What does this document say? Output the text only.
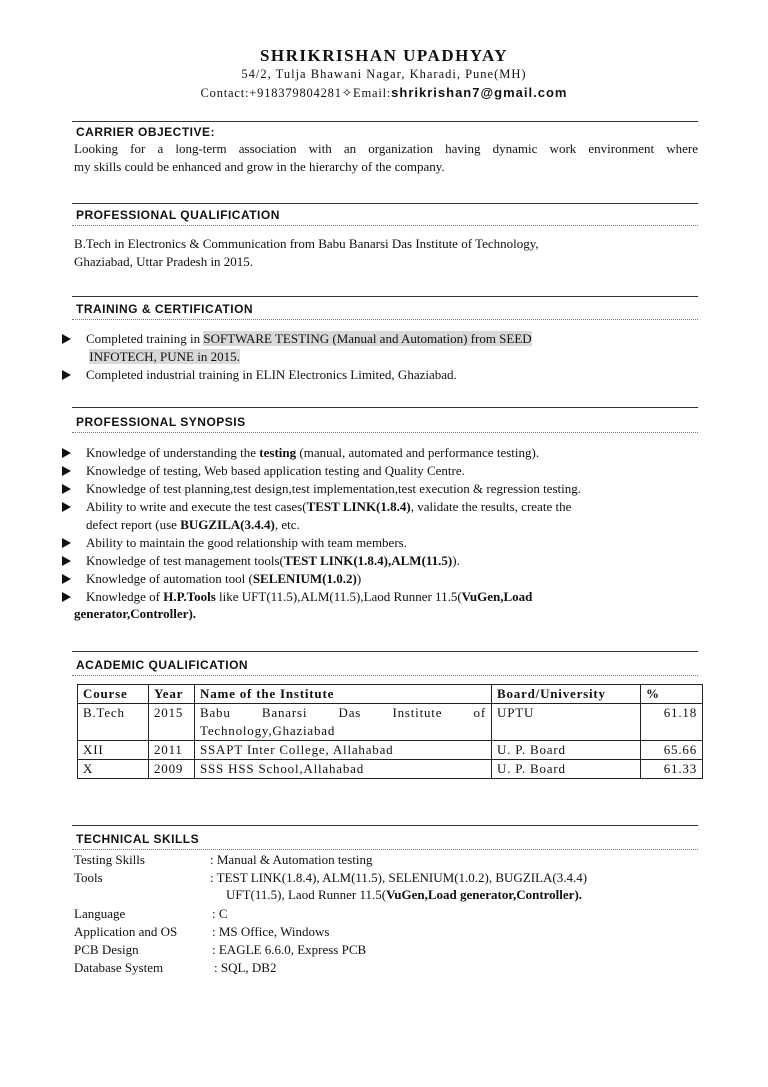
SHRIKRISHAN UPADHYAY
54/2, Tulja Bhawani Nagar, Kharadi, Pune(MH)
Contact:+918379804281✧Email:shrikrishan7@gmail.com
CARRIER OBJECTIVE:
Looking for a long-term association with an organization having dynamic work environment where
my skills could be enhanced and grow in the hierarchy of the company.
PROFESSIONAL QUALIFICATION
B.Tech in Electronics & Communication from Babu Banarsi Das Institute of Technology,
Ghaziabad, Uttar Pradesh in 2015.
TRAINING & CERTIFICATION
Completed training in SOFTWARE TESTING (Manual and Automation) from SEED
INFOTECH, PUNE in 2015.
Completed industrial training in ELIN Electronics Limited, Ghaziabad.
PROFESSIONAL SYNOPSIS
Knowledge of understanding the testing (manual, automated and performance testing).
Knowledge of testing, Web based application testing and Quality Centre.
Knowledge of test planning,test design,test implementation,test execution & regression testing.
Ability to write and execute the test cases(TEST LINK(1.8.4), validate the results, create the
defect report (use BUGZILA(3.4.4), etc.
Ability to maintain the good relationship with team members.
Knowledge of test management tools(TEST LINK(1.8.4),ALM(11.5)).
Knowledge of automation tool (SELENIUM(1.0.2))
Knowledge of H.P.Tools like UFT(11.5),ALM(11.5),Laod Runner 11.5(VuGen,Load
generator,Controller).
ACADEMIC QUALIFICATION
Course	Year	Name of the Institute	Board/University	%
B.Tech	2015	Babu Banarsi Das Institute of
Technology,Ghaziabad	UPTU	61.18
XII	2011	SSAPT Inter College, Allahabad	U. P. Board	65.66
X	2009	SSS HSS School,Allahabad	U. P. Board	61.33
TECHNICAL SKILLS
Testing Skills	: Manual & Automation testing
Tools	: TEST LINK(1.8.4), ALM(11.5), SELENIUM(1.0.2), BUGZILA(3.4.4)
UFT(11.5), Laod Runner 11.5(VuGen,Load generator,Controller).
Language	: C
Application and OS	: MS Office, Windows
PCB Design	: EAGLE 6.6.0, Express PCB
Database System	: SQL, DB2
